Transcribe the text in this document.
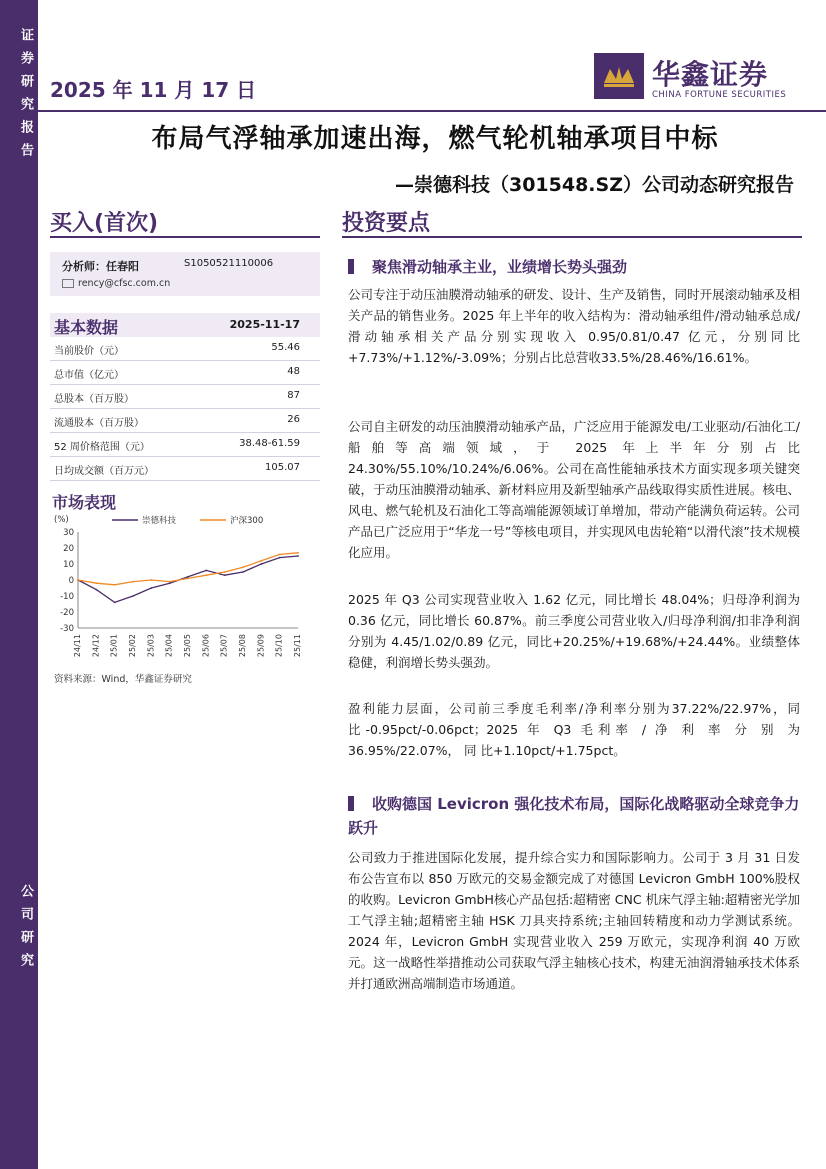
证券研究报告
公司研究
2025 年 11 月 17 日	华鑫证券
CHINA FORTUNE SECURITIES
布局气浮轴承加速出海，燃气轮机轴承项目中标
—崇德科技（301548.SZ）公司动态研究报告
买入(首次)	投资要点
分析师：任春阳	S1050521110006
rency@cfsc.com.cn
基本数据	2025-11-17
当前股价（元）	55.46
总市值（亿元）	48
总股本（百万股）	87
流通股本（百万股）	26
52 周价格范围（元）	38.48-61.59
日均成交额（百万元）	105.07
市场表现
(%)
30
20
10
0
-10
-20
-30
24/11 24/12 25/01 25/02 25/03 25/04 25/05 25/06 25/07 25/08 25/09 25/10 25/11
崇德科技	沪深300
资料来源：Wind，华鑫证券研究
聚焦滑动轴承主业，业绩增长势头强劲
公司专注于动压油膜滑动轴承的研发、设计、生产及销售，同时开展滚动轴承及相关产品的销售业务。2025 年上半年的收入结构为：滑动轴承组件/滑动轴承总成/滑动轴承相关产品分别实现收入 0.95/0.81/0.47 亿元，分别同比+7.73%/+1.12%/-3.09%；分别占比总营收33.5%/28.46%/16.61%。
公司自主研发的动压油膜滑动轴承产品，广泛应用于能源发电/工业驱动/石油化工/船舶等高端领域，于 2025 年上半年分别占比 24.30%/55.10%/10.24%/6.06%。公司在高性能轴承技术方面实现多项关键突破，于动压油膜滑动轴承、新材料应用及新型轴承产品线取得实质性进展。核电、风电、燃气轮机及石油化工等高端能源领域订单增加，带动产能满负荷运转。公司产品已广泛应用于“华龙一号”等核电项目，并实现风电齿轮箱“以滑代滚”技术规模化应用。
2025 年 Q3 公司实现营业收入 1.62 亿元，同比增长 48.04%；归母净利润为 0.36 亿元，同比增长 60.87%。前三季度公司营业收入/归母净利润/扣非净利润分别为 4.45/1.02/0.89 亿元，同比+20.25%/+19.68%/+24.44%。业绩整体稳健，利润增长势头强劲。
盈利能力层面，公司前三季度毛利率/净利率分别为37.22%/22.97%，同比-0.95pct/-0.06pct；2025 年 Q3 毛利率 / 净 利 率 分 别 为 36.95%/22.07%， 同 比+1.10pct/+1.75pct。
收购德国 Levicron 强化技术布局，国际化战略驱动全球竞争力跃升
公司致力于推进国际化发展，提升综合实力和国际影响力。公司于 3 月 31 日发布公告宣布以 850 万欧元的交易金额完成了对德国 Levicron GmbH 100%股权的收购。Levicron GmbH核心产品包括:超精密 CNC 机床气浮主轴:超精密光学加工气浮主轴;超精密主轴 HSK 刀具夹持系统;主轴回转精度和动力学测试系统。2024 年，Levicron GmbH 实现营业收入 259 万欧元，实现净利润 40 万欧元。这一战略性举措推动公司获取气浮主轴核心技术，构建无油润滑轴承技术体系并打通欧洲高端制造市场通道。
